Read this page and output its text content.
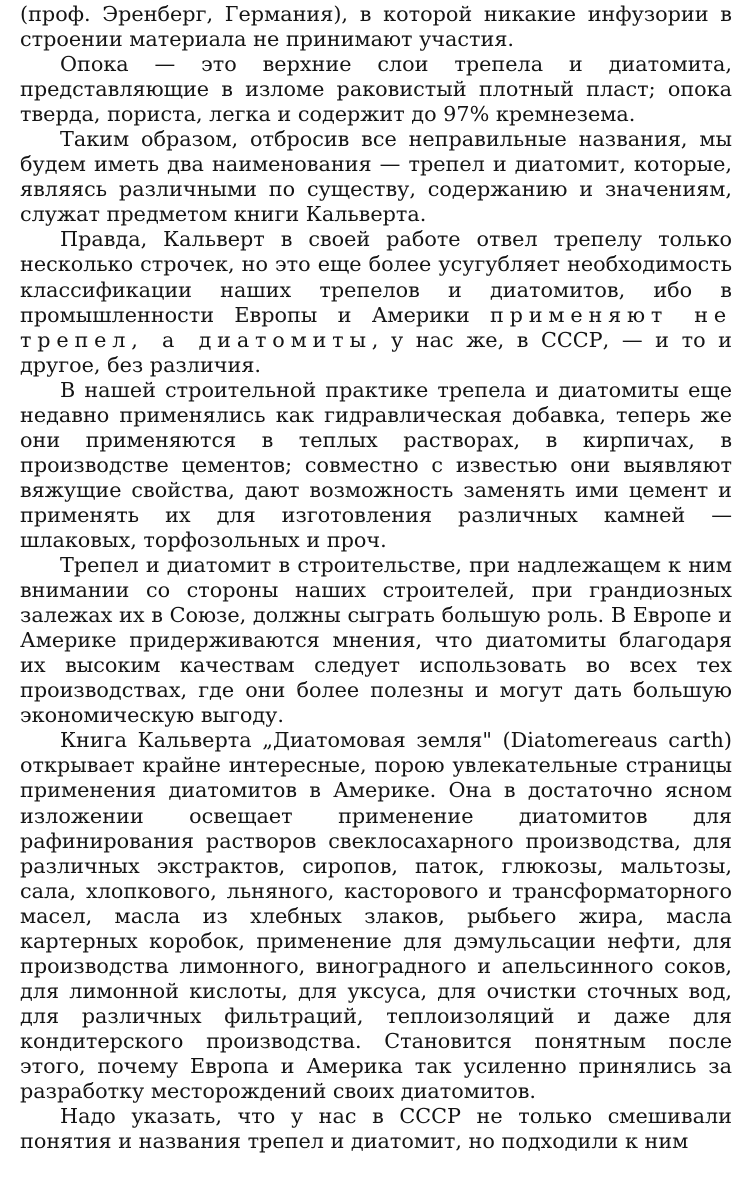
(проф. Эренберг, Германия), в которой никакие инфузории в строении материала не принимают участия.

Опока — это верхние слои трепела и диатомита, представляющие в изломе раковистый плотный пласт; опока тверда, пориста, легка и содержит до 97% кремнезема.

Таким образом, отбросив все неправильные названия, мы будем иметь два наименования — трепел и диатомит, которые, являясь различными по существу, содержанию и значениям, служат предметом книги Кальверта.

Правда, Кальверт в своей работе отвел трепелу только несколько строчек, но это еще более усугубляет необходимость классификации наших трепелов и диатомитов, ибо в промышленности Европы и Америки применяют не трепел, а диатомиты, у нас же, в СССР, — и то и другое, без различия.

В нашей строительной практике трепела и диатомиты еще недавно применялись как гидравлическая добавка, теперь же они применяются в теплых растворах, в кирпичах, в производстве цементов; совместно с известью они выявляют вяжущие свойства, дают возможность заменять ими цемент и применять их для изготовления различных камней — шлаковых, торфозольных и проч.

Трепел и диатомит в строительстве, при надлежащем к ним внимании со стороны наших строителей, при грандиозных залежах их в Союзе, должны сыграть большую роль. В Европе и Америке придерживаются мнения, что диатомиты благодаря их высоким качествам следует использовать во всех тех производствах, где они более полезны и могут дать большую экономическую выгоду.

Книга Кальверта „Диатомовая земля" (Diatomereaus carth) открывает крайне интересные, порою увлекательные страницы применения диатомитов в Америке. Она в достаточно ясном изложении освещает применение диатомитов для рафинирования растворов свеклосахарного производства, для различных экстрактов, сиропов, паток, глюкозы, мальтозы, сала, хлопкового, льняного, касторового и трансформаторного масел, масла из хлебных злаков, рыбьего жира, масла картерных коробок, применение для дэмульсации нефти, для производства лимонного, виноградного и апельсинного соков, для лимонной кислоты, для уксуса, для очистки сточных вод, для различных фильтраций, теплоизоляций и даже для кондитерского производства. Становится понятным после этого, почему Европа и Америка так усиленно принялись за разработку месторождений своих диатомитов.

Надо указать, что у нас в СССР не только смешивали понятия и названия трепел и диатомит, но подходили к ним
